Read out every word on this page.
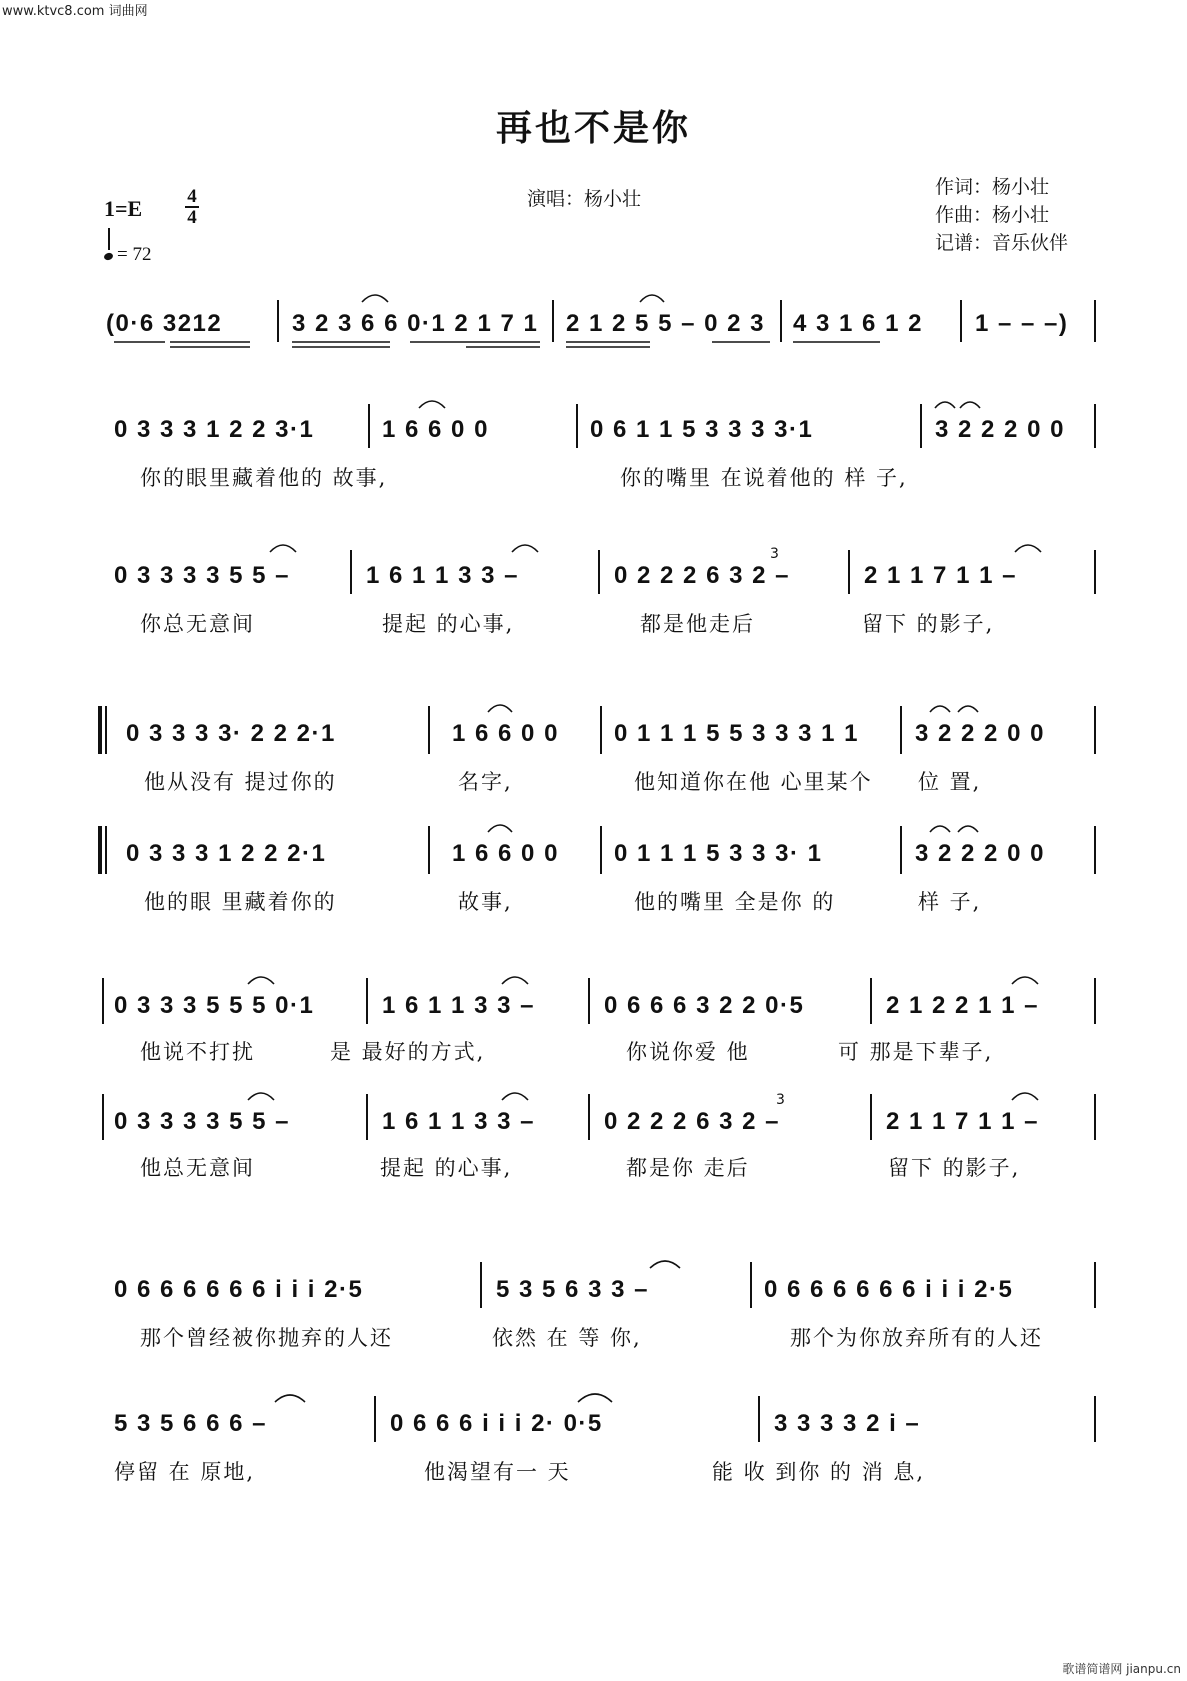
www.ktvc8.com 词曲网
再也不是你
演唱：杨小壮
作词：杨小壮
作曲：杨小壮
记谱：音乐伙伴
1=E 4
4
= 72
(0·6 3212	3 2 3 6 6 0·1 2 1 7 1 2 1 2 5 5 – 0 2 3 4 3 1 6 1 2 1 – – –)
0 3 3 3 1 2 2 3·1	1 6 6 0 0	0 6 1 1 5 3 3 3 3·1	3 2 2 2 0 0
你的眼里藏着他的 故事,	你的嘴里 在说着他的 样 子,
0 3 3 3 3 5 5 –	1 6 1 1 3 3 –	0 2 2 2 6 3 2 –	2 1 1 7 1 1 –
你总无意间	提起 的心事,	都是他走后	留下 的影子,
0 3 3 3 3· 2 2 2·1	1 6 6 0 0 0 1 1 1 5 5 3 3 3 1 1 3 2 2 2 0 0
他从没有 提过你的	名字,	他知道你在他 心里某个 位 置,
0 3 3 3 1 2 2 2·1	1 6 6 0 0 0 1 1 1 5 3 3 3· 1	3 2 2 2 0 0
他的眼 里藏着你的	故事,	他的嘴里 全是你 的	样 子,
0 3 3 3 5 5 5 0·1	1 6 1 1 3 3 –	0 6 6 6 3 2 2 0·5	2 1 2 2 1 1 –
他说不打扰	是 最好的方式,	你说你爱 他	可 那是下辈子,
0 3 3 3 3 5 5 –	1 6 1 1 3 3 –	0 2 2 2 6 3 2 –	2 1 1 7 1 1 –
他总无意间	提起 的心事,	都是你 走后	留下 的影子,
0 6 6 6 6 6 6 i i i 2·5	5 3 5 6 3 3 –	0 6 6 6 6 6 6 i i i 2·5
那个曾经被你抛弃的人还	依然 在 等 你,	那个为你放弃所有的人还
5 3 5 6 6 6 –	0 6 6 6 i i i 2· 0·5	3 3 3 3 2 i –
停留 在 原地,	他渴望有一 天	能 收 到你 的 消 息,
3
3
歌谱简谱网 jianpu.cn
